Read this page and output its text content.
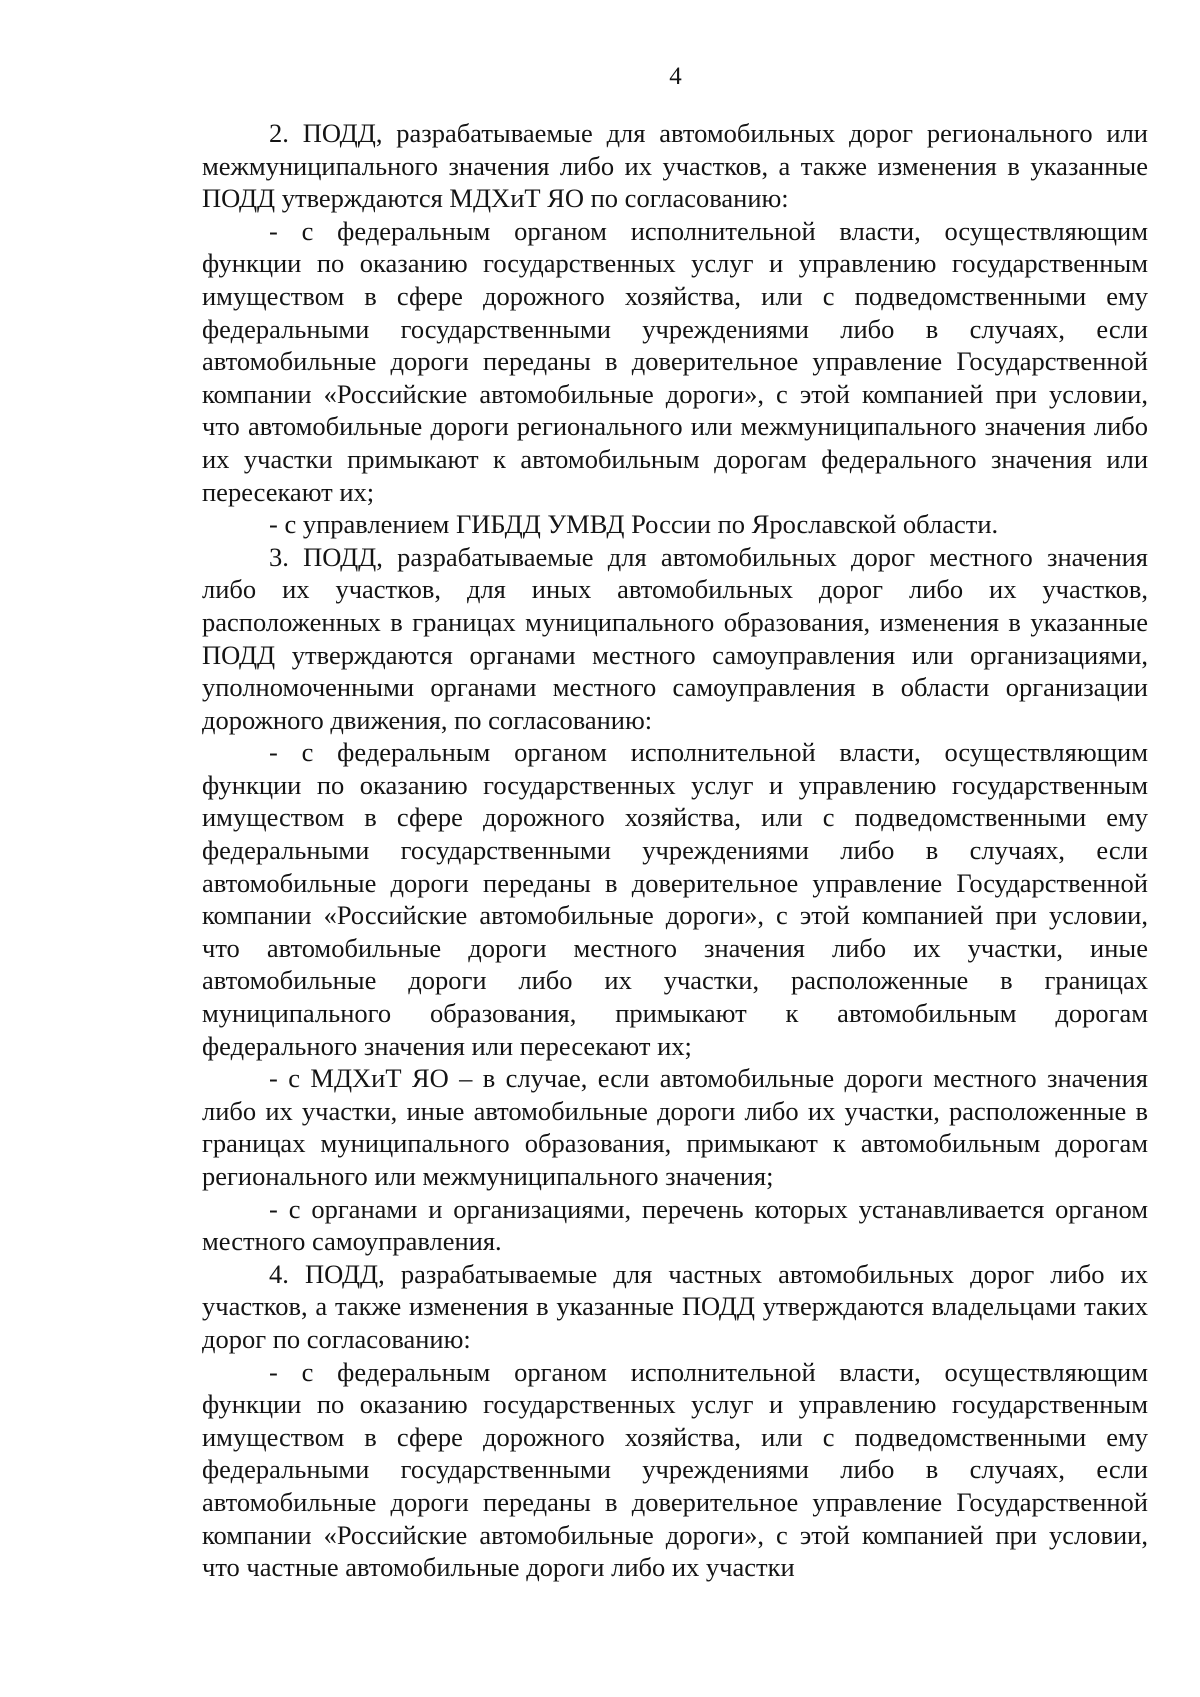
4

2. ПОДД, разрабатываемые для автомобильных дорог регионального или межмуниципального значения либо их участков, а также изменения в указанные ПОДД утверждаются МДХиТ ЯО по согласованию:

- с федеральным органом исполнительной власти, осуществляющим функции по оказанию государственных услуг и управлению государственным имуществом в сфере дорожного хозяйства, или с подведомственными ему федеральными государственными учреждениями либо в случаях, если автомобильные дороги переданы в доверительное управление Государственной компании «Российские автомобильные дороги», с этой компанией при условии, что автомобильные дороги регионального или межмуниципального значения либо их участки примыкают к автомобильным дорогам федерального значения или пересекают их;

- с управлением ГИБДД УМВД России по Ярославской области.

3. ПОДД, разрабатываемые для автомобильных дорог местного значения либо их участков, для иных автомобильных дорог либо их участков, расположенных в границах муниципального образования, изменения в указанные ПОДД утверждаются органами местного самоуправления или организациями, уполномоченными органами местного самоуправления в области организации дорожного движения, по согласованию:

- с федеральным органом исполнительной власти, осуществляющим функции по оказанию государственных услуг и управлению государственным имуществом в сфере дорожного хозяйства, или с подведомственными ему федеральными государственными учреждениями либо в случаях, если автомобильные дороги переданы в доверительное управление Государственной компании «Российские автомобильные дороги», с этой компанией при условии, что автомобильные дороги местного значения либо их участки, иные автомобильные дороги либо их участки, расположенные в границах муниципального образования, примыкают к автомобильным дорогам федерального значения или пересекают их;

- с МДХиТ ЯО – в случае, если автомобильные дороги местного значения либо их участки, иные автомобильные дороги либо их участки, расположенные в границах муниципального образования, примыкают к автомобильным дорогам регионального или межмуниципального значения;

- с органами и организациями, перечень которых устанавливается органом местного самоуправления.

4. ПОДД, разрабатываемые для частных автомобильных дорог либо их участков, а также изменения в указанные ПОДД утверждаются владельцами таких дорог по согласованию:

- с федеральным органом исполнительной власти, осуществляющим функции по оказанию государственных услуг и управлению государственным имуществом в сфере дорожного хозяйства, или с подведомственными ему федеральными государственными учреждениями либо в случаях, если автомобильные дороги переданы в доверительное управление Государственной компании «Российские автомобильные дороги», с этой компанией при условии, что частные автомобильные дороги либо их участки
